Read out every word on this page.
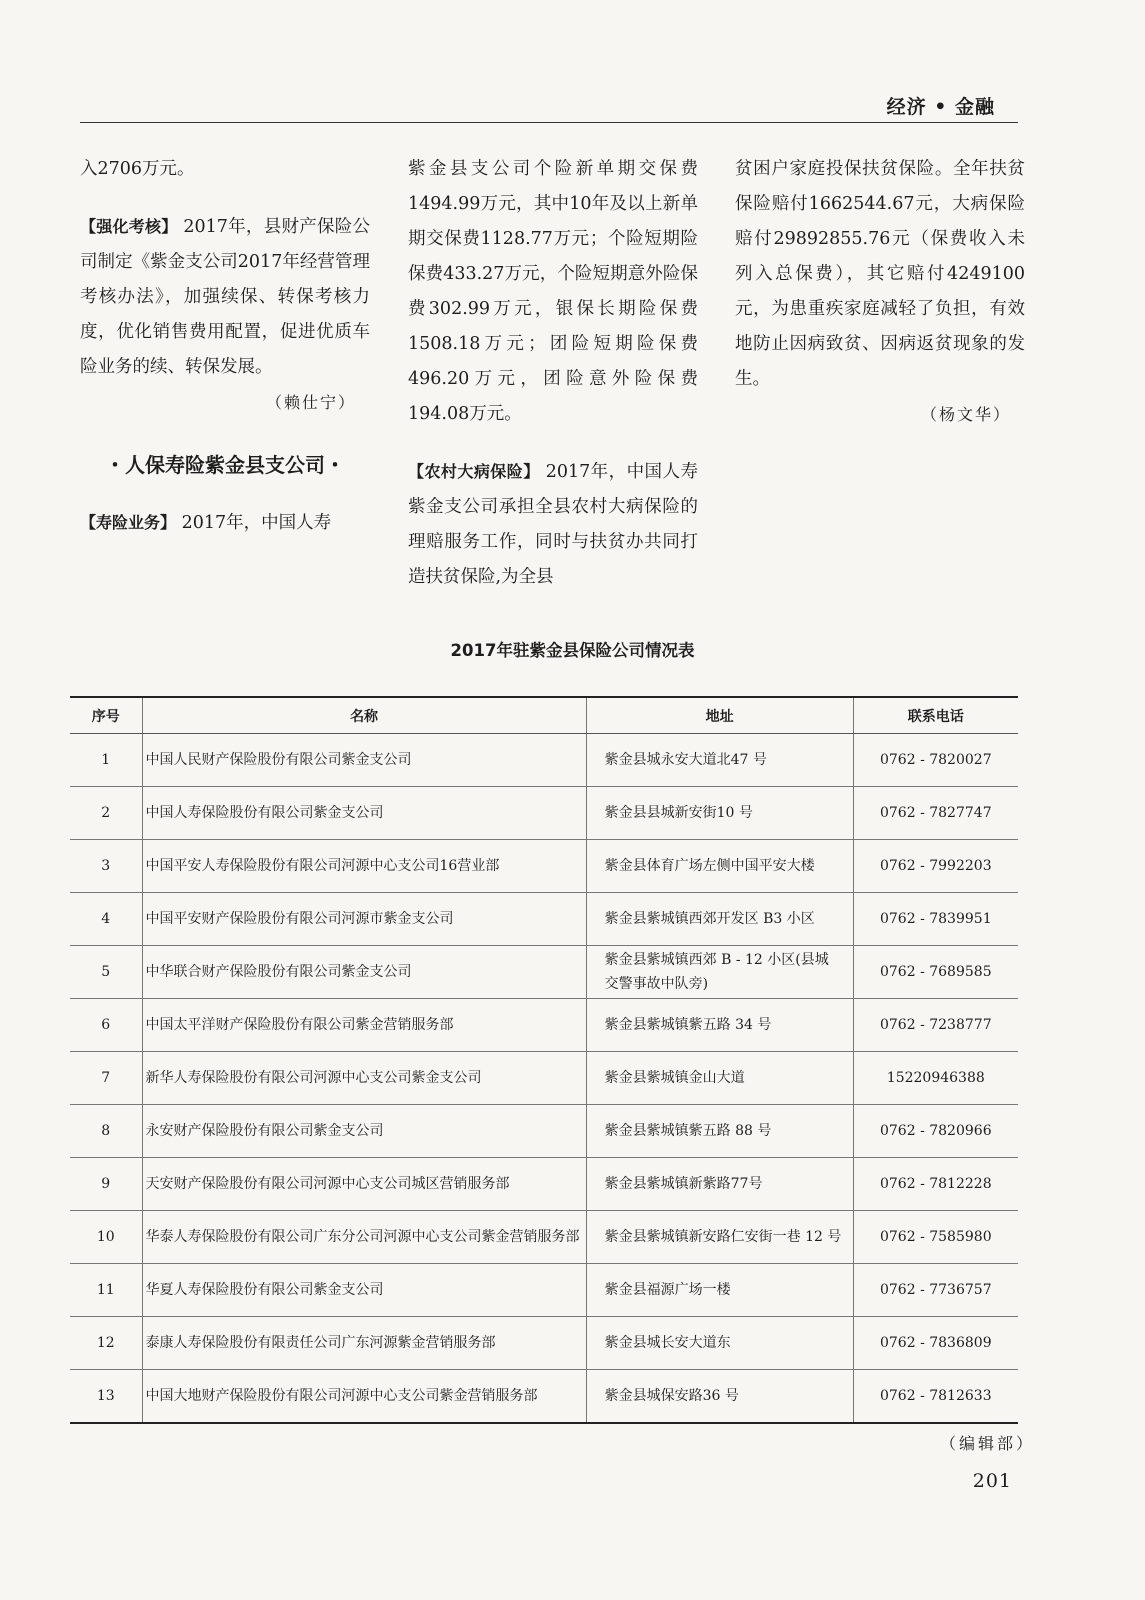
经济 • 金融

入2706万元。

【强化考核】 2017年，县财产保险公司制定《紫金支公司2017年经营管理考核办法》，加强续保、转保考核力度，优化销售费用配置，促进优质车险业务的续、转保发展。

（赖仕宁）

・人保寿险紫金县支公司・

【寿险业务】 2017年，中国人寿

紫金县支公司个险新单期交保费1494.99万元，其中10年及以上新单期交保费1128.77万元；个险短期险保费433.27万元，个险短期意外险保费302.99万元，银保长期险保费1508.18万元；团险短期险保费496.20万元，团险意外险保费194.08万元。

【农村大病保险】 2017年，中国人寿紫金支公司承担全县农村大病保险的理赔服务工作，同时与扶贫办共同打造扶贫保险,为全县

贫困户家庭投保扶贫保险。全年扶贫保险赔付1662544.67元，大病保险赔付29892855.76元（保费收入未列入总保费），其它赔付4249100元，为患重疾家庭减轻了负担，有效地防止因病致贫、因病返贫现象的发生。

（杨文华）

2017年驻紫金县保险公司情况表
序号	名称	地址	联系电话
1	中国人民财产保险股份有限公司紫金支公司	紫金县城永安大道北47 号	0762 - 7820027
2	中国人寿保险股份有限公司紫金支公司	紫金县县城新安街10 号	0762 - 7827747
3	中国平安人寿保险股份有限公司河源中心支公司16营业部	紫金县体育广场左侧中国平安大楼	0762 - 7992203
4	中国平安财产保险股份有限公司河源市紫金支公司	紫金县紫城镇西郊开发区 B3 小区	0762 - 7839951
5	中华联合财产保险股份有限公司紫金支公司	紫金县紫城镇西郊 B - 12 小区(县城交警事故中队旁)	0762 - 7689585
6	中国太平洋财产保险股份有限公司紫金营销服务部	紫金县紫城镇紫五路 34 号	0762 - 7238777
7	新华人寿保险股份有限公司河源中心支公司紫金支公司	紫金县紫城镇金山大道	15220946388
8	永安财产保险股份有限公司紫金支公司	紫金县紫城镇紫五路 88 号	0762 - 7820966
9	天安财产保险股份有限公司河源中心支公司城区营销服务部	紫金县紫城镇新紫路77号	0762 - 7812228
10	华泰人寿保险股份有限公司广东分公司河源中心支公司紫金营销服务部	紫金县紫城镇新安路仁安街一巷 12 号	0762 - 7585980
11	华夏人寿保险股份有限公司紫金支公司	紫金县福源广场一楼	0762 - 7736757
12	泰康人寿保险股份有限责任公司广东河源紫金营销服务部	紫金县城长安大道东	0762 - 7836809
13	中国大地财产保险股份有限公司河源中心支公司紫金营销服务部	紫金县城保安路36 号	0762 - 7812633
（编辑部）
201
